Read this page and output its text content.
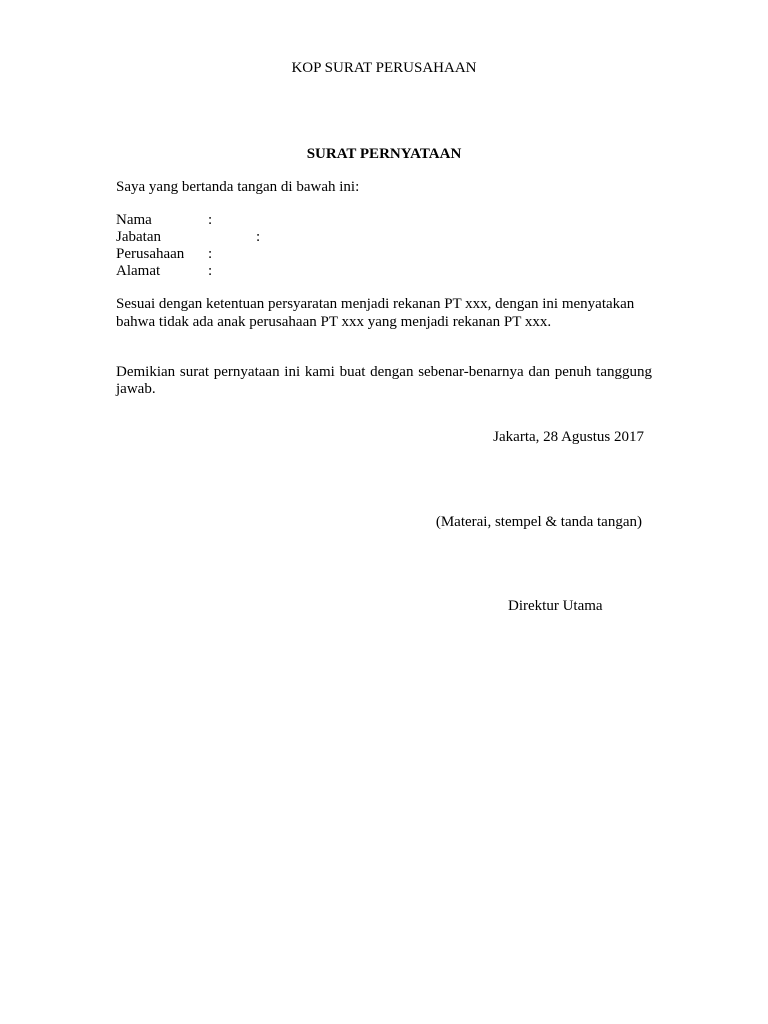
KOP SURAT PERUSAHAAN
SURAT PERNYATAAN
Saya yang bertanda tangan di bawah ini:
Nama	:
Jabatan	:
Perusahaan :
Alamat	:
Sesuai dengan ketentuan persyaratan menjadi rekanan PT xxx, dengan ini menyatakan
bahwa tidak ada anak perusahaan PT xxx yang menjadi rekanan PT xxx.
Demikian surat pernyataan ini kami buat dengan sebenar-benarnya dan penuh tanggung jawab.
Jakarta, 28 Agustus 2017
(Materai, stempel & tanda tangan)
Direktur Utama
